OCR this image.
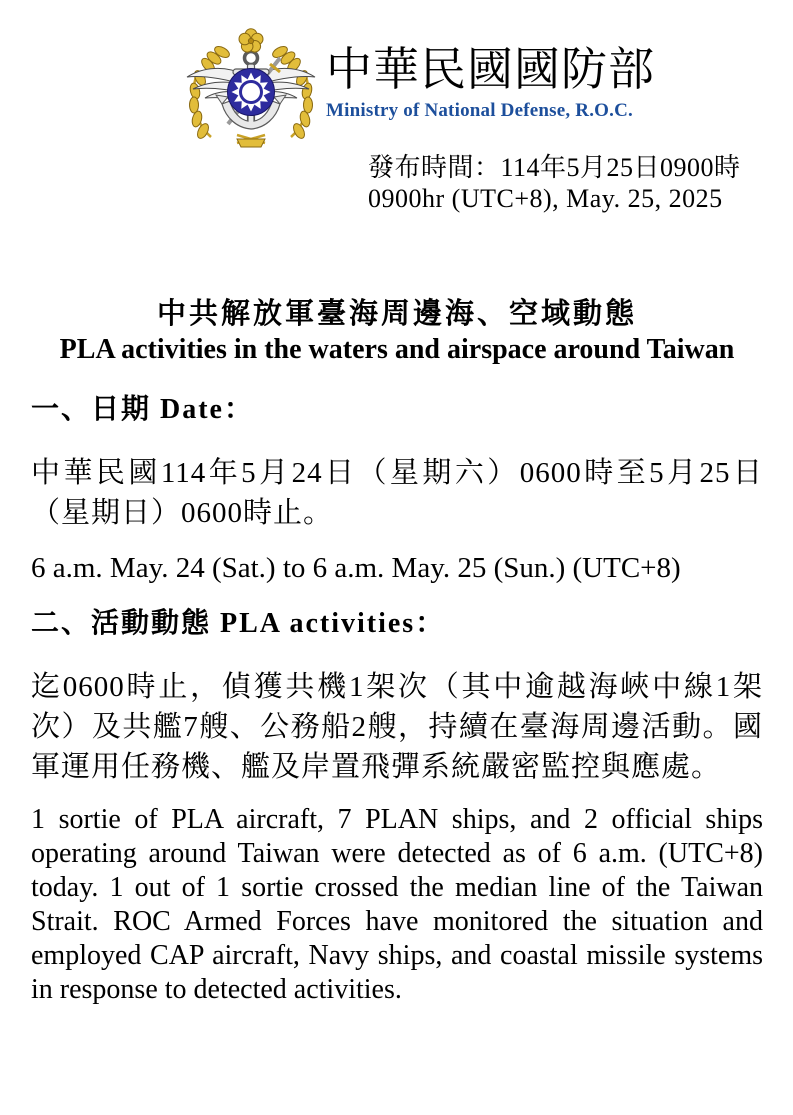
中華民國國防部
Ministry of National Defense, R.O.C.
發布時間：114年5月25日0900時
0900hr (UTC+8), May. 25, 2025
中共解放軍臺海周邊海、空域動態
PLA activities in the waters and airspace around Taiwan
一、日期 Date：
中華民國114年5月24日（星期六）0600時至5月25日（星期日）0600時止。
6 a.m. May. 24 (Sat.) to 6 a.m. May. 25 (Sun.) (UTC+8)
二、活動動態 PLA activities：
迄0600時止，偵獲共機1架次（其中逾越海峽中線1架次）及共艦7艘、公務船2艘，持續在臺海周邊活動。國軍運用任務機、艦及岸置飛彈系統嚴密監控與應處。
1 sortie of PLA aircraft, 7 PLAN ships, and 2 official ships operating around Taiwan were detected as of 6 a.m. (UTC+8) today. 1 out of 1 sortie crossed the median line of the Taiwan Strait. ROC Armed Forces have monitored the situation and employed CAP aircraft, Navy ships, and coastal missile systems in response to detected activities.
